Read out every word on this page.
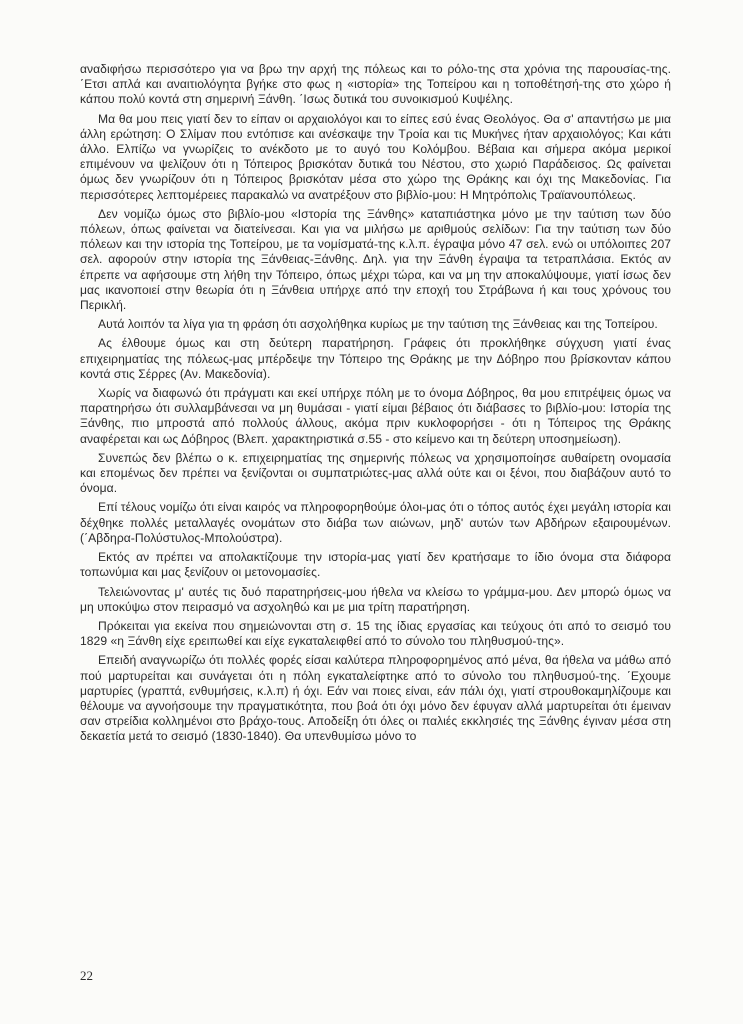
αναδιφήσω περισσότερο για να βρω την αρχή της πόλεως και το ρόλο-της στα χρόνια της παρουσίας-της. ΄Ετσι απλά και αναιτιολόγητα βγήκε στο φως η «ιστορία» της Τοπείρου και η τοποθέτησή-της στο χώρο ή κάπου πολύ κοντά στη σημερινή Ξάνθη. ΄Ισως δυτικά του συνοικισμού Κυψέλης.

Μα θα μου πεις γιατί δεν το είπαν οι αρχαιολόγοι και το είπες εσύ ένας Θεολόγος. Θα σ' απαντήσω με μια άλλη ερώτηση: Ο Σλίμαν που εντόπισε και ανέσκαψε την Τροία και τις Μυκήνες ήταν αρχαιολόγος; Και κάτι άλλο. Ελπίζω να γνωρίζεις το ανέκδοτο με το αυγό του Κολόμβου. Βέβαια και σήμερα ακόμα μερικοί επιμένουν να ψελίζουν ότι η Τόπειρος βρισκόταν δυτικά του Νέστου, στο χωριό Παράδεισος. Ως φαίνεται όμως δεν γνωρίζουν ότι η Τόπειρος βρισκόταν μέσα στο χώρο της Θράκης και όχι της Μακεδονίας. Για περισσότερες λεπτομέρειες παρακαλώ να ανατρέξουν στο βιβλίο-μου: Η Μητρόπολις Τραϊανουπόλεως.

Δεν νομίζω όμως στο βιβλίο-μου «Ιστορία της Ξάνθης» καταπιάστηκα μόνο με την ταύτιση των δύο πόλεων, όπως φαίνεται να διατείνεσαι. Και για να μιλήσω με αριθμούς σελίδων: Για την ταύτιση των δύο πόλεων και την ιστορία της Τοπείρου, με τα νομίσματά-της κ.λ.π. έγραψα μόνο 47 σελ. ενώ οι υπόλοιπες 207 σελ. αφορούν στην ιστορία της Ξάνθειας-Ξάνθης. Δηλ. για την Ξάνθη έγραψα τα τετραπλάσια. Εκτός αν έπρεπε να αφήσουμε στη λήθη την Τόπειρο, όπως μέχρι τώρα, και να μη την αποκαλύψουμε, γιατί ίσως δεν μας ικανοποιεί στην θεωρία ότι η Ξάνθεια υπήρχε από την εποχή του Στράβωνα ή και τους χρόνους του Περικλή.

Αυτά λοιπόν τα λίγα για τη φράση ότι ασχολήθηκα κυρίως με την ταύτιση της Ξάνθειας και της Τοπείρου.

Ας έλθουμε όμως και στη δεύτερη παρατήρηση. Γράφεις ότι προκλήθηκε σύγχυση γιατί ένας επιχειρηματίας της πόλεως-μας μπέρδεψε την Τόπειρο της Θράκης με την Δόβηρο που βρίσκονταν κάπου κοντά στις Σέρρες (Αν. Μακεδονία).

Χωρίς να διαφωνώ ότι πράγματι και εκεί υπήρχε πόλη με το όνομα Δόβηρος, θα μου επιτρέψεις όμως να παρατηρήσω ότι συλλαμβάνεσαι να μη θυμάσαι - γιατί είμαι βέβαιος ότι διάβασες το βιβλίο-μου: Ιστορία της Ξάνθης, πιο μπροστά από πολλούς άλλους, ακόμα πριν κυκλοφορήσει - ότι η Τόπειρος της Θράκης αναφέρεται και ως Δόβηρος (Βλεπ. χαρακτηριστικά σ.55 - στο κείμενο και τη δεύτερη υποσημείωση).

Συνεπώς δεν βλέπω ο κ. επιχειρηματίας της σημερινής πόλεως να χρησιμοποίησε αυθαίρετη ονομασία και επομένως δεν πρέπει να ξενίζονται οι συμπατριώτες-μας αλλά ούτε και οι ξένοι, που διαβάζουν αυτό το όνομα.

Επί τέλους νομίζω ότι είναι καιρός να πληροφορηθούμε όλοι-μας ότι ο τόπος αυτός έχει μεγάλη ιστορία και δέχθηκε πολλές μεταλλαγές ονομάτων στο διάβα των αιώνων, μηδ' αυτών των Αβδήρων εξαιρουμένων. (΄Αβδηρα-Πολύστυλος-Μπολούστρα).

Εκτός αν πρέπει να απολακτίζουμε την ιστορία-μας γιατί δεν κρατήσαμε το ίδιο όνομα στα διάφορα τοπωνύμια και μας ξενίζουν οι μετονομασίες.

Τελειώνοντας μ' αυτές τις δυό παρατηρήσεις-μου ήθελα να κλείσω το γράμμα-μου. Δεν μπορώ όμως να μη υποκύψω στον πειρασμό να ασχοληθώ και με μια τρίτη παρατήρηση.

Πρόκειται για εκείνα που σημειώνονται στη σ. 15 της ίδιας εργασίας και τεύχους ότι από το σεισμό του 1829 «η Ξάνθη είχε ερειπωθεί και είχε εγκαταλειφθεί από το σύνολο του πληθυσμού-της».

Επειδή αναγνωρίζω ότι πολλές φορές είσαι καλύτερα πληροφορημένος από μένα, θα ήθελα να μάθω από πού μαρτυρείται και συνάγεται ότι η πόλη εγκαταλείφτηκε από το σύνολο του πληθυσμού-της. ΄Εχουμε μαρτυρίες (γραπτά, ενθυμήσεις, κ.λ.π) ή όχι. Εάν ναι ποιες είναι, εάν πάλι όχι, γιατί στρουθοκαμηλίζουμε και θέλουμε να αγνοήσουμε την πραγματικότητα, που βοά ότι όχι μόνο δεν έφυγαν αλλά μαρτυρείται ότι έμειναν σαν στρείδια κολλημένοι στο βράχο-τους. Αποδείξη ότι όλες οι παλιές εκκλησιές της Ξάνθης έγιναν μέσα στη δεκαετία μετά το σεισμό (1830-1840). Θα υπενθυμίσω μόνο το

22
